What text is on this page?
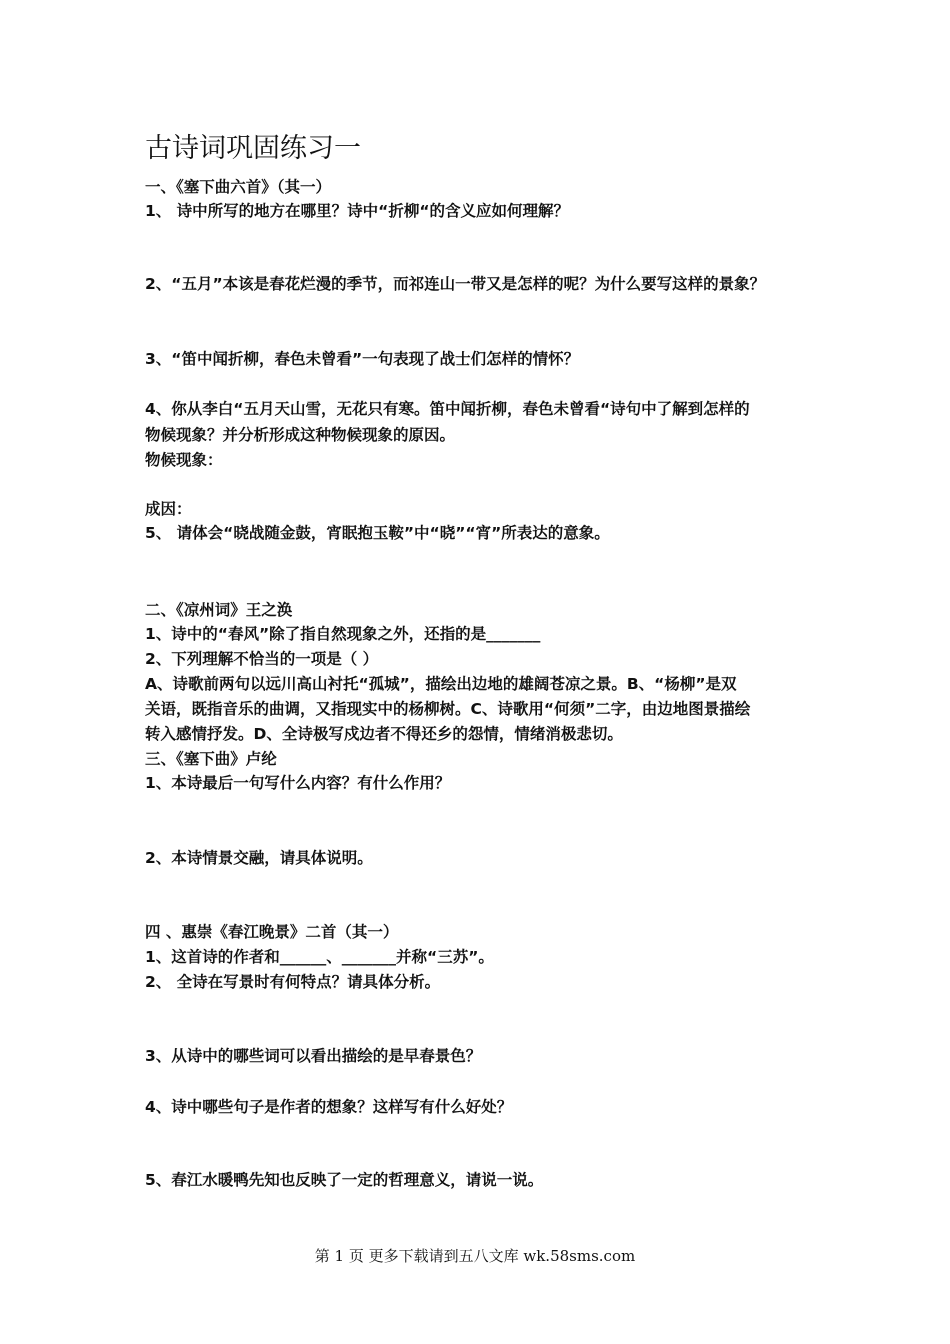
古诗词巩固练习一
一、《塞下曲六首》（其一）
1、 诗中所写的地方在哪里？诗中“折柳“的含义应如何理解？
2、“五月”本该是春花烂漫的季节，而祁连山一带又是怎样的呢？为什么要写这样的景象？
3、“笛中闻折柳，春色未曾看”一句表现了战士们怎样的情怀？
4、你从李白“五月天山雪，无花只有寒。笛中闻折柳，春色未曾看“诗句中了解到怎样的
物候现象？并分析形成这种物候现象的原因。
物候现象：
成因：
5、 请体会“晓战随金鼓，宵眠抱玉鞍”中“晓”“宵”所表达的意象。
二、《凉州词》王之涣
1、诗中的“春风”除了指自然现象之外，还指的是_______
2、下列理解不恰当的一项是（ ）
A、诗歌前两句以远川高山衬托“孤城”，描绘出边地的雄阔苍凉之景。B、“杨柳”是双
关语，既指音乐的曲调，又指现实中的杨柳树。C、诗歌用“何须”二字，由边地图景描绘
转入感情抒发。D、全诗极写戍边者不得还乡的怨情，情绪消极悲切。
三、《塞下曲》卢纶
1、本诗最后一句写什么内容？有什么作用？
2、本诗情景交融，请具体说明。
四 、惠崇《春江晚景》二首（其一）
1、这首诗的作者和______、_______并称“三苏”。
2、 全诗在写景时有何特点？请具体分析。
3、从诗中的哪些词可以看出描绘的是早春景色？
4、诗中哪些句子是作者的想象？这样写有什么好处？
5、春江水暖鸭先知也反映了一定的哲理意义，请说一说。
第 1 页 更多下载请到五八文库 wk.58sms.com
